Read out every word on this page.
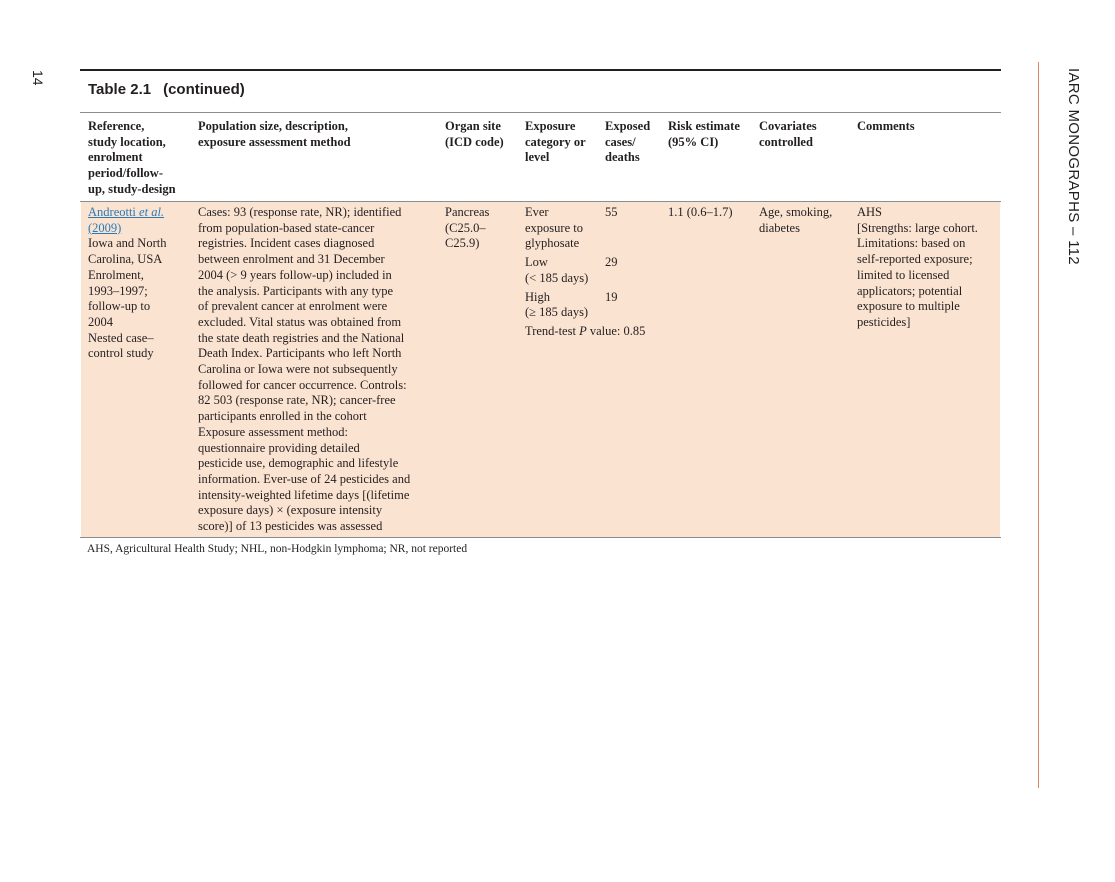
14	IARC MONOGRAPHS – 112
Table 2.1 (continued)
Reference,
study location,
enrolment
period/follow-
up, study-design
Population size, description,
exposure assessment method
Organ site
(ICD code)
Exposure
category or
level
Exposed
cases/
deaths
Risk estimate
(95% CI)
Covariates
controlled
Comments
Andreotti et al.
(2009)
Iowa and North
Carolina, USA
Enrolment,
1993–1997;
follow-up to
2004
Nested case–
control study
Cases: 93 (response rate, NR); identified
from population-based state-cancer
registries. Incident cases diagnosed
between enrolment and 31 December
2004 (> 9 years follow-up) included in
the analysis. Participants with any type
of prevalent cancer at enrolment were
excluded. Vital status was obtained from
the state death registries and the National
Death Index. Participants who left North
Carolina or Iowa were not subsequently
followed for cancer occurrence. Controls:
82 503 (response rate, NR); cancer-free
participants enrolled in the cohort
Exposure assessment method:
questionnaire providing detailed
pesticide use, demographic and lifestyle
information. Ever-use of 24 pesticides and
intensity-weighted lifetime days [(lifetime
exposure days) × (exposure intensity
score)] of 13 pesticides was assessed
Pancreas
(C25.0–
C25.9)
Ever
exposure to
glyphosate
Low
(< 185 days)
High
(≥ 185 days)
Trend-test P value: 0.85
55

29

19
1.1 (0.6–1.7) Age, smoking,
diabetes
AHS
[Strengths: large cohort.
Limitations: based on
self-reported exposure;
limited to licensed
applicators; potential
exposure to multiple
pesticides]
AHS, Agricultural Health Study; NHL, non-Hodgkin lymphoma; NR, not reported
